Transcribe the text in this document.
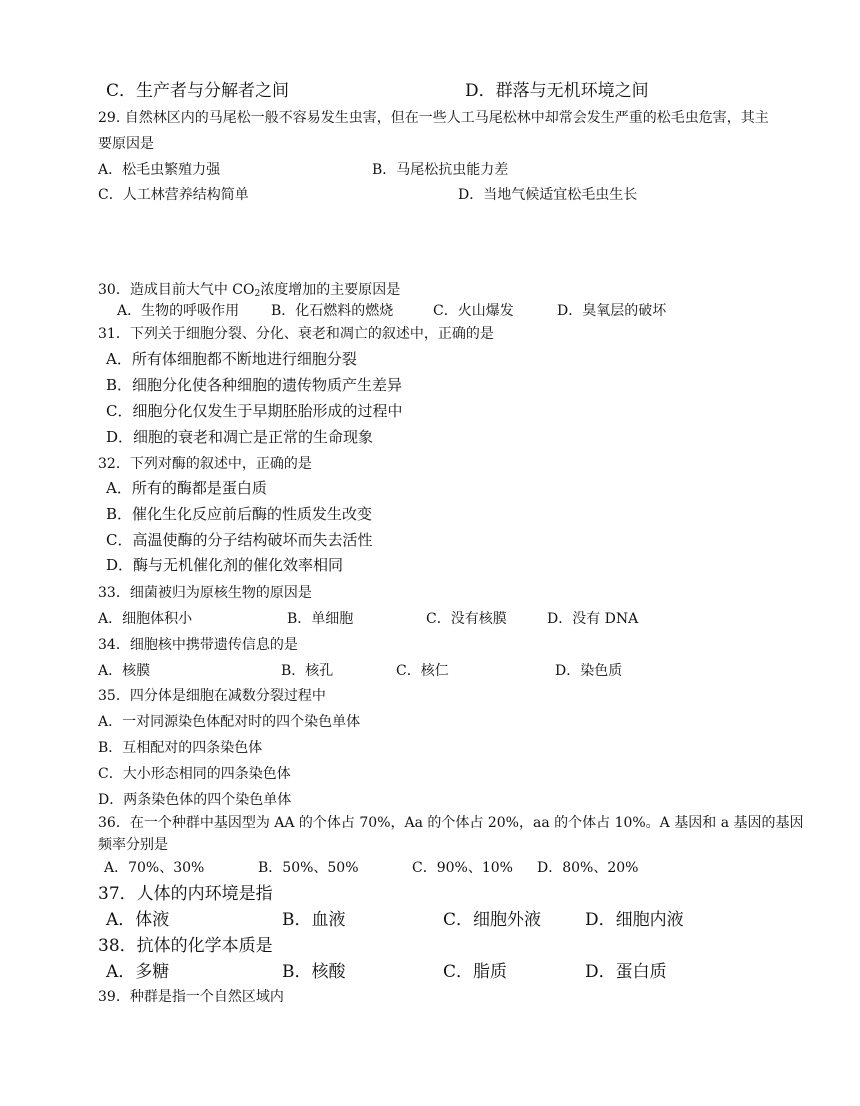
C．生产者与分解者之间	D．群落与无机环境之间
29. 自然林区内的马尾松一般不容易发生虫害，但在一些人工马尾松林中却常会发生严重的松毛虫危害，其主
要原因是
A．松毛虫繁殖力强	B．马尾松抗虫能力差
C．人工林营养结构简单	D．当地气候适宜松毛虫生长
30．造成目前大气中 $CO_2$浓度增加的主要原因是
A．生物的呼吸作用 B．化石燃料的燃烧	C．火山爆发	D．臭氧层的破坏
31．下列关于细胞分裂、分化、衰老和凋亡的叙述中，正确的是
A．所有体细胞都不断地进行细胞分裂
B．细胞分化使各种细胞的遗传物质产生差异
C．细胞分化仅发生于早期胚胎形成的过程中
D．细胞的衰老和凋亡是正常的生命现象
32．下列对酶的叙述中，正确的是
A．所有的酶都是蛋白质
B．催化生化反应前后酶的性质发生改变
C．高温使酶的分子结构破坏而失去活性
D．酶与无机催化剂的催化效率相同
33．细菌被归为原核生物的原因是
A．细胞体积小	B．单细胞	C．没有核膜	D．没有 DNA
34．细胞核中携带遗传信息的是
A．核膜	B．核孔	C．核仁	D．染色质
35．四分体是细胞在减数分裂过程中
A．一对同源染色体配对时的四个染色单体
B．互相配对的四条染色体
C．大小形态相同的四条染色体
D．两条染色体的四个染色单体
36．在一个种群中基因型为 AA 的个体占 70%，Aa 的个体占 20%，aa 的个体占 10%。A 基因和 a 基因的基因
频率分别是
A．70%、30%	B．50%、50%	C．90%、10% D．80%、20%
37．人体的内环境是指
A．体液	B．血液	C．细胞外液	D．细胞内液
38．抗体的化学本质是
A．多糖	B．核酸	C．脂质	D．蛋白质
39．种群是指一个自然区域内
